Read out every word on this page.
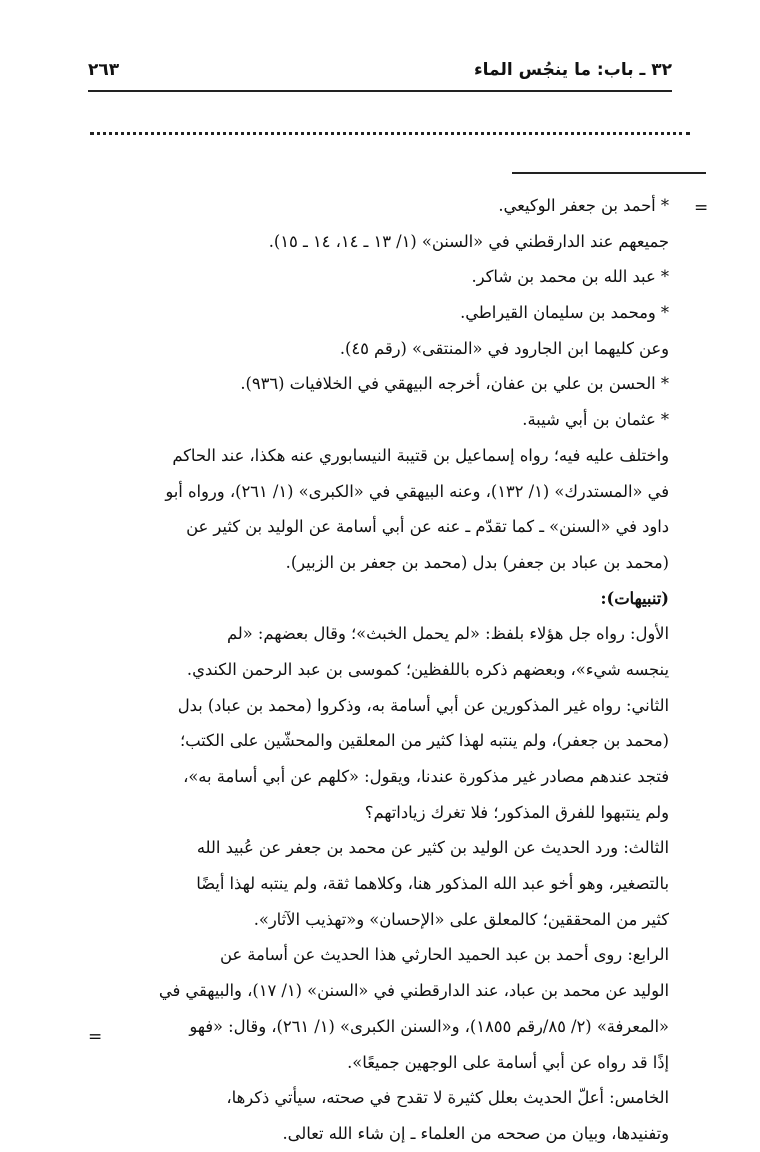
٣٢ ـ باب: ما ينجُس الماء
٢٦٣
=
=
* أحمد بن جعفر الوكيعي.
جميعهم عند الدارقطني في «السنن» (١/ ١٣ ـ ١٤، ١٤ ـ ١٥).
* عبد الله بن محمد بن شاكر.
* ومحمد بن سليمان القيراطي.
وعن كليهما ابن الجارود في «المنتقى» (رقم ٤٥).
* الحسن بن علي بن عفان، أخرجه البيهقي في الخلافيات (٩٣٦).
* عثمان بن أبي شيبة.
واختلف عليه فيه؛ رواه إسماعيل بن قتيبة النيسابوري عنه هكذا، عند الحاكم
في «المستدرك» (١/ ١٣٢)، وعنه البيهقي في «الكبرى» (١/ ٢٦١)، ورواه أبو
داود في «السنن» ـ كما تقدّم ـ عنه عن أبي أسامة عن الوليد بن كثير عن
(محمد بن عباد بن جعفر) بدل (محمد بن جعفر بن الزبير).
(تنبيهات):
الأول: رواه جل هؤلاء بلفظ: «لم يحمل الخبث»؛ وقال بعضهم: «لم
ينجسه شيء»، وبعضهم ذكره باللفظين؛ كموسى بن عبد الرحمن الكندي.
الثاني: رواه غير المذكورين عن أبي أسامة به، وذكروا (محمد بن عباد) بدل
(محمد بن جعفر)، ولم ينتبه لهذا كثير من المعلقين والمحشّين على الكتب؛
فتجد عندهم مصادر غير مذكورة عندنا، ويقول: «كلهم عن أبي أسامة به»،
ولم ينتبهوا للفرق المذكور؛ فلا تغرك زياداتهم؟
الثالث: ورد الحديث عن الوليد بن كثير عن محمد بن جعفر عن عُبيد الله
بالتصغير، وهو أخو عبد الله المذكور هنا، وكلاهما ثقة، ولم ينتبه لهذا أيضًا
كثير من المحققين؛ كالمعلق على «الإحسان» و«تهذيب الآثار».
الرابع: روى أحمد بن عبد الحميد الحارثي هذا الحديث عن أسامة عن
الوليد عن محمد بن عباد، عند الدارقطني في «السنن» (١/ ١٧)، والبيهقي في
«المعرفة» (٢/ ٨٥/رقم ١٨٥٥)، و«السنن الكبرى» (١/ ٢٦١)، وقال: «فهو
إذًا قد رواه عن أبي أسامة على الوجهين جميعًا».
الخامس: أعلّ الحديث بعلل كثيرة لا تقدح في صحته، سيأتي ذكرها،
وتفنيدها، وبيان من صححه من العلماء ـ إن شاء الله تعالى.
